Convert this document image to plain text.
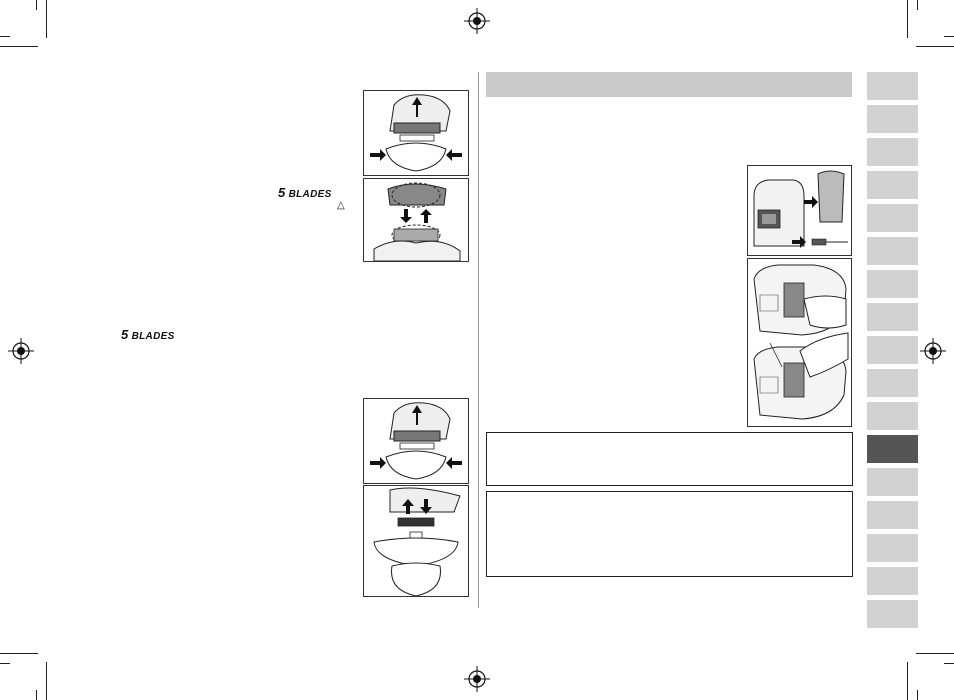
5 BLADES
△
5 BLADES
